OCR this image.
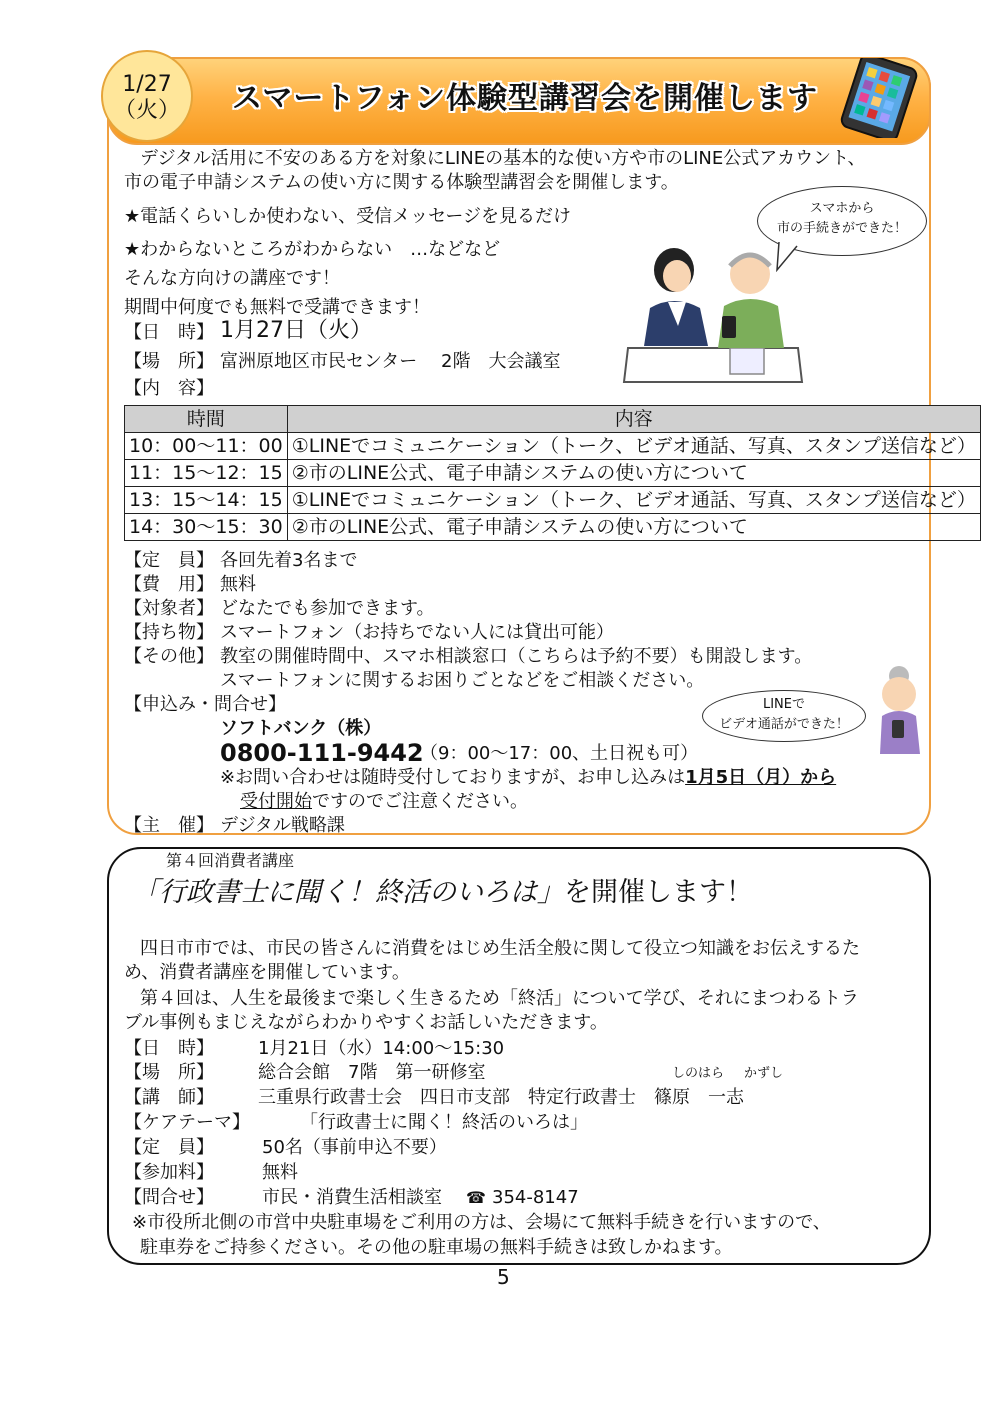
1/27
（火）	スマートフォン体験型講習会を開催します
デジタル活用に不安のある方を対象にLINEの基本的な使い方や市のLINE公式アカウント、
市の電子申請システムの使い方に関する体験型講習会を開催します。
★電話くらいしか使わない、受信メッセージを見るだけ
★わからないところがわからない　…などなど
そんな方向けの講座です！
期間中何度でも無料で受講できます！
【日　時】 1月27日（火）
【場　所】 富洲原地区市民センター　 2階　大会議室
【内　容】
スマホから
市の手続きができた！
時間	内容
10：00〜11：00	①LINEでコミュニケーション（トーク、ビデオ通話、写真、スタンプ送信など）
11：15〜12：15	②市のLINE公式、電子申請システムの使い方について
13：15〜14：15	①LINEでコミュニケーション（トーク、ビデオ通話、写真、スタンプ送信など）
14：30〜15：30	②市のLINE公式、電子申請システムの使い方について
【定　員】 各回先着3名まで
【費　用】 無料
【対象者】 どなたでも参加できます。
【持ち物】 スマートフォン（お持ちでない人には貸出可能）
【その他】 教室の開催時間中、スマホ相談窓口（こちらは予約不要）も開設します。
スマートフォンに関するお困りごとなどをご相談ください。
【申込み・問合せ】
ソフトバンク（株）
0800-111-9442
（9：00〜17：00、土日祝も可）
※お問い合わせは随時受付しておりますが、お申し込みは1月5日（月）から
受付開始ですのでご注意ください。
【主　催】 デジタル戦略課
LINEで
ビデオ通話ができた！
第４回消費者講座
「行政書士に聞く！終活のいろは」を開催します！
四日市市では、市民の皆さんに消費をはじめ生活全般に関して役立つ知識をお伝えするた
め、消費者講座を開催しています。
第４回は、人生を最後まで楽しく生きるため「終活」について学び、それにまつわるトラ
ブル事例もまじえながらわかりやすくお話しいただきます。
【日　時】 1月21日（水）14:00〜15:30
【場　所】 総合会館　7階　第一研修室	しのはら かずし
【講　師】 三重県行政書士会　四日市支部　特定行政書士　篠原　一志
【ケアテーマ】	「行政書士に聞く！終活のいろは」
【定　員】	50名（事前申込不要）
【参加料】	無料
【問合せ】	市民・消費生活相談室 ☎ 354-8147
※市役所北側の市営中央駐車場をご利用の方は、会場にて無料手続きを行いますので、
駐車券をご持参ください。その他の駐車場の無料手続きは致しかねます。
5
